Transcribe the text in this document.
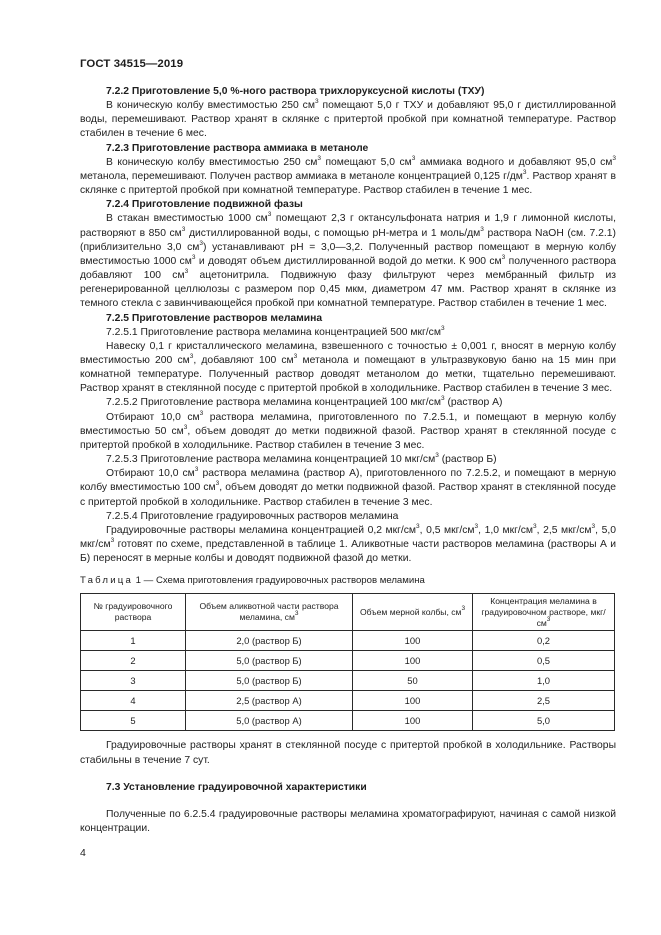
ГОСТ 34515—2019

7.2.2 Приготовление 5,0 %-ного раствора трихлоруксусной кислоты (ТХУ)

В коническую колбу вместимостью 250 $см^3$ помещают 5,0 г ТХУ и добавляют 95,0 г дистиллированной воды, перемешивают. Раствор хранят в склянке с притертой пробкой при комнатной температуре. Раствор стабилен в течение 6 мес.

7.2.3 Приготовление раствора аммиака в метаноле

В коническую колбу вместимостью 250 $см^3$ помещают 5,0 $см^3$ аммиака водного и добавляют 95,0 $см^3$ метанола, перемешивают. Получен раствор аммиака в метаноле концентрацией 0,125 $г/дм^3$. Раствор хранят в склянке с притертой пробкой при комнатной температуре. Раствор стабилен в течение 1 мес.

7.2.4 Приготовление подвижной фазы

В стакан вместимостью 1000 $см^3$ помещают 2,3 г октансульфоната натрия и 1,9 г лимонной кислоты, растворяют в 850 $см^3$ дистиллированной воды, с помощью рН-метра и 1 моль/$дм^3$ раствора NaOH (см. 7.2.1) (приблизительно 3,0 $см^3$) устанавливают рН = 3,0—3,2. Полученный раствор помещают в мерную колбу вместимостью 1000 $см^3$ и доводят объем дистиллированной водой до метки. К 900 $см^3$ полученного раствора добавляют 100 $см^3$ ацетонитрила. Подвижную фазу фильтруют через мембранный фильтр из регенерированной целлюлозы с размером пор 0,45 мкм, диаметром 47 мм. Раствор хранят в склянке из темного стекла с завинчивающейся пробкой при комнатной температуре. Раствор стабилен в течение 1 мес.

7.2.5 Приготовление растворов меламина

7.2.5.1 Приготовление раствора меламина концентрацией 500 мкг/$см^3$

Навеску 0,1 г кристаллического меламина, взвешенного с точностью ± 0,001 г, вносят в мерную колбу вместимостью 200 $см^3$, добавляют 100 $см^3$ метанола и помещают в ультразвуковую баню на 15 мин при комнатной температуре. Полученный раствор доводят метанолом до метки, тщательно перемешивают. Раствор хранят в стеклянной посуде с притертой пробкой в холодильнике. Раствор стабилен в течение 3 мес.

7.2.5.2 Приготовление раствора меламина концентрацией 100 мкг/$см^3$ (раствор А)

Отбирают 10,0 $см^3$ раствора меламина, приготовленного по 7.2.5.1, и помещают в мерную колбу вместимостью 50 $см^3$, объем доводят до метки подвижной фазой. Раствор хранят в стеклянной посуде с притертой пробкой в холодильнике. Раствор стабилен в течение 3 мес.

7.2.5.3 Приготовление раствора меламина концентрацией 10 мкг/$см^3$ (раствор Б)

Отбирают 10,0 $см^3$ раствора меламина (раствор А), приготовленного по 7.2.5.2, и помещают в мерную колбу вместимостью 100 $см^3$, объем доводят до метки подвижной фазой. Раствор хранят в стеклянной посуде с притертой пробкой в холодильнике. Раствор стабилен в течение 3 мес.

7.2.5.4 Приготовление градуировочных растворов меламина

Градуировочные растворы меламина концентрацией 0,2 мкг/$см^3$, 0,5 мкг/$см^3$, 1,0 мкг/$см^3$, 2,5 мкг/$см^3$, 5,0 мкг/$см^3$ готовят по схеме, представленной в таблице 1. Аликвотные части растворов меламина (растворы А и Б) переносят в мерные колбы и доводят подвижной фазой до метки.

Таблица 1 — Схема приготовления градуировочных растворов меламина

№ градуировочного раствора	Объем аликвотной части раствора меламина, $см^3$	Объем мерной колбы, $см^3$	Концентрация меламина в градуировочном растворе, мкг/$см^3$
1	2,0 (раствор Б)	100	0,2
2	5,0 (раствор Б)	100	0,5
3	5,0 (раствор Б)	50	1,0
4	2,5 (раствор А)	100	2,5
5	5,0 (раствор А)	100	5,0

Градуировочные растворы хранят в стеклянной посуде с притертой пробкой в холодильнике. Растворы стабильны в течение 7 сут.

7.3 Установление градуировочной характеристики

Полученные по 6.2.5.4 градуировочные растворы меламина хроматографируют, начиная с самой низкой концентрации.

4
